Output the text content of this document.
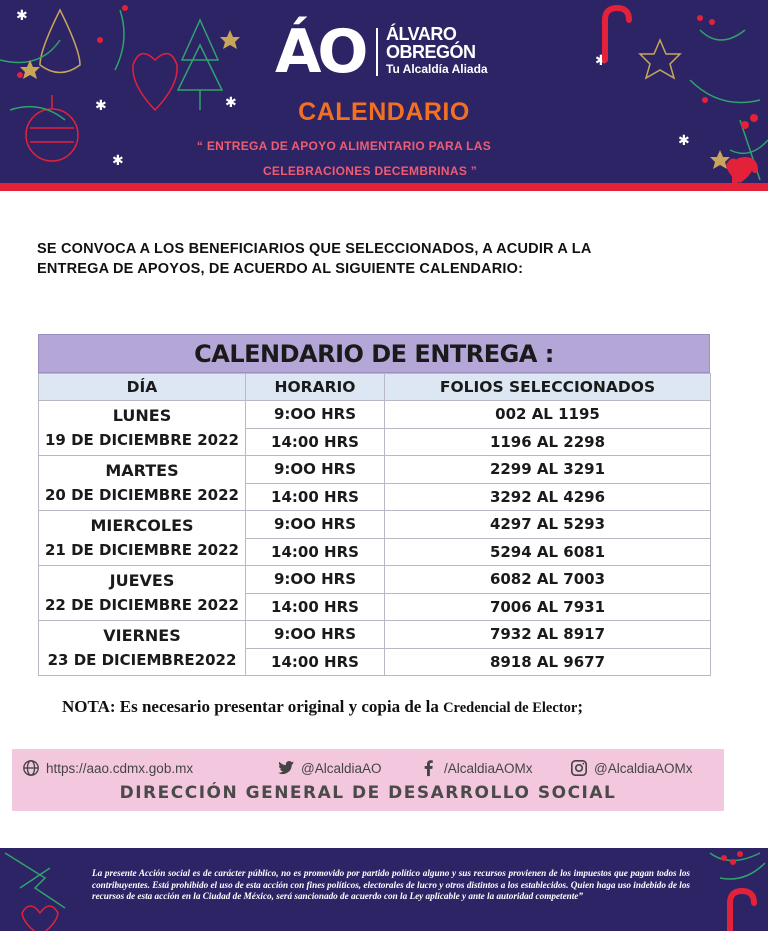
✱
✱
✱
✱
✱
✱
ÁO ÁLVARO
OBREGÓN
Tu Alcaldía Aliada
CALENDARIO
“ ENTREGA DE APOYO ALIMENTARIO PARA LAS
CELEBRACIONES DECEMBRINAS ”
SE CONVOCA A LOS BENEFICIARIOS QUE SELECCIONADOS, A ACUDIR A LA
ENTREGA DE APOYOS, DE ACUERDO AL SIGUIENTE CALENDARIO:
CALENDARIO DE ENTREGA :
DÍA	HORARIO	FOLIOS SELECCIONADOS

LUNES
19 DE DICIEMBRE 2022	9:OO HRS	002 AL 1195
	14:00 HRS	1196 AL 2298

MARTES
20 DE DICIEMBRE 2022	9:OO HRS	2299 AL 3291
	14:00 HRS	3292 AL 4296

MIERCOLES
21 DE DICIEMBRE 2022	9:OO HRS	4297 AL 5293
	14:00 HRS	5294 AL 6081

JUEVES
22 DE DICIEMBRE 2022	9:OO HRS	6082 AL 7003
	14:00 HRS	7006 AL 7931

VIERNES
23 DE DICIEMBRE2022	9:OO HRS	7932 AL 8917
	14:00 HRS	8918 AL 9677
NOTA: Es necesario presentar original y copia de la Credencial de Elector;
https://aao.cdmx.gob.mx	@AlcaldiaAO	/AlcaldiaAOMx	@AlcaldiaAOMx
DIRECCIÓN GENERAL DE DESARROLLO SOCIAL
La presente Acción social es de carácter público, no es promovido por partido político alguno y sus recursos provienen de los impuestos que pagan todos los contribuyentes. Está prohibido el uso de esta acción con fines políticos, electorales de lucro y otros distintos a los establecidos. Quien haga uso indebido de los recursos de esta acción en la Ciudad de México, será sancionado de acuerdo con la Ley aplicable y ante la autoridad competente”
